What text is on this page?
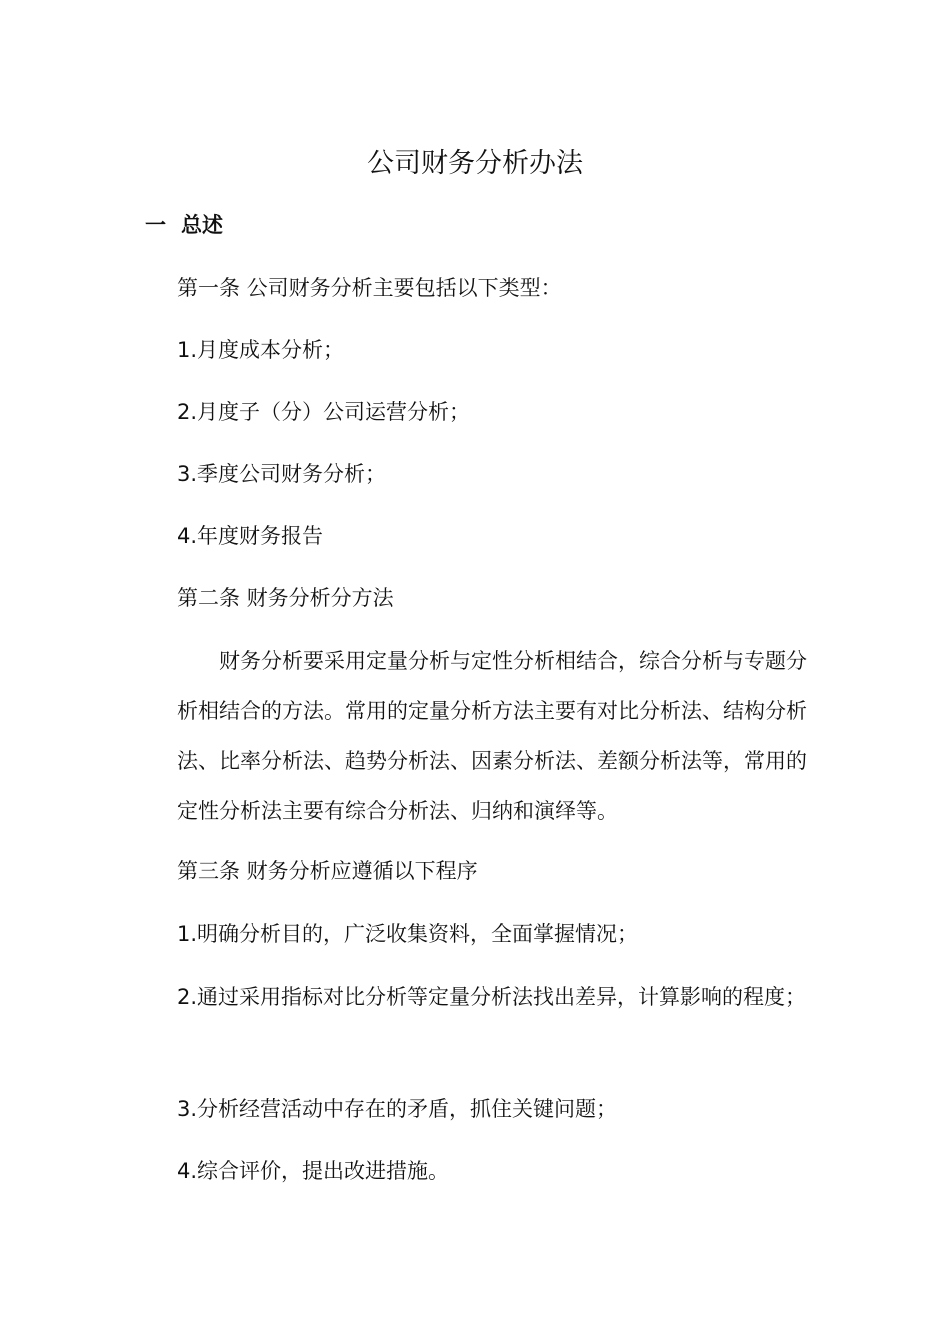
公司财务分析办法
一 总述
第一条 公司财务分析主要包括以下类型：
1.月度成本分析；
2.月度子（分）公司运营分析；
3.季度公司财务分析；
4.年度财务报告
第二条 财务分析分方法
财务分析要采用定量分析与定性分析相结合，综合分析与专题分析相结合的方法。常用的定量分析方法主要有对比分析法、结构分析法、比率分析法、趋势分析法、因素分析法、差额分析法等，常用的定性分析法主要有综合分析法、归纳和演绎等。
第三条 财务分析应遵循以下程序
1.明确分析目的，广泛收集资料，全面掌握情况；
2.通过采用指标对比分析等定量分析法找出差异，计算影响的程度；
3.分析经营活动中存在的矛盾，抓住关键问题；
4.综合评价，提出改进措施。
